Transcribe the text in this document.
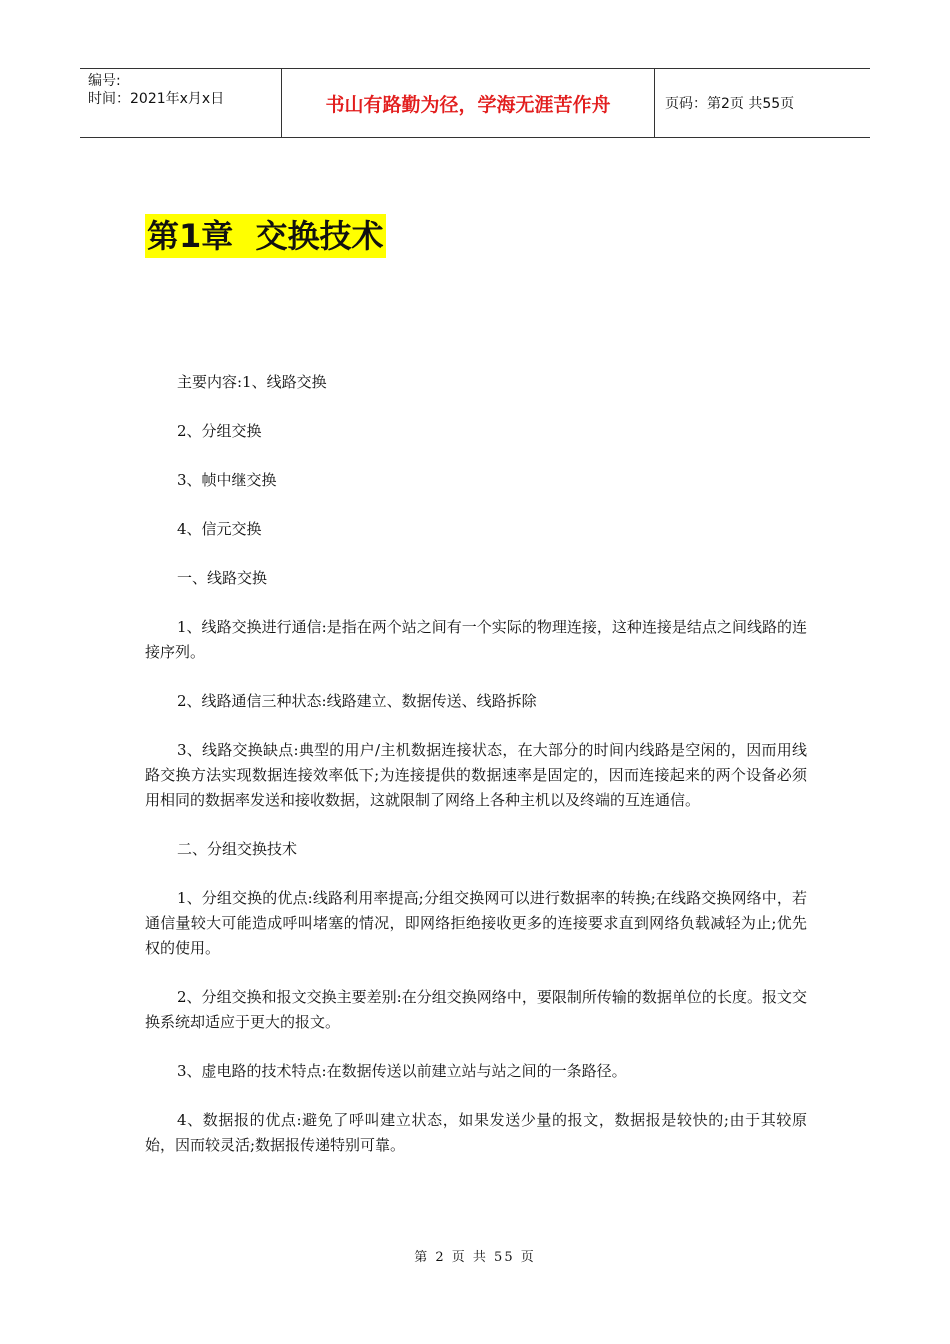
编号:
时间：2021年x月x日	书山有路勤为径，学海无涯苦作舟	页码：第2页 共55页
第1章  交换技术

主要内容:1、线路交换

2、分组交换

3、帧中继交换

4、信元交换

一、线路交换

1、线路交换进行通信:是指在两个站之间有一个实际的物理连接，这种连接是结点之间线路的连接序列。

2、线路通信三种状态:线路建立、数据传送、线路拆除

3、线路交换缺点:典型的用户/主机数据连接状态，在大部分的时间内线路是空闲的，因而用线路交换方法实现数据连接效率低下;为连接提供的数据速率是固定的，因而连接起来的两个设备必须用相同的数据率发送和接收数据，这就限制了网络上各种主机以及终端的互连通信。

二、分组交换技术

1、分组交换的优点:线路利用率提高;分组交换网可以进行数据率的转换;在线路交换网络中，若通信量较大可能造成呼叫堵塞的情况，即网络拒绝接收更多的连接要求直到网络负载减轻为止;优先权的使用。

2、分组交换和报文交换主要差别:在分组交换网络中，要限制所传输的数据单位的长度。报文交换系统却适应于更大的报文。

3、虚电路的技术特点:在数据传送以前建立站与站之间的一条路径。

4、数据报的优点:避免了呼叫建立状态，如果发送少量的报文，数据报是较快的;由于其较原始，因而较灵活;数据报传递特别可靠。

第 2 页 共 55 页
